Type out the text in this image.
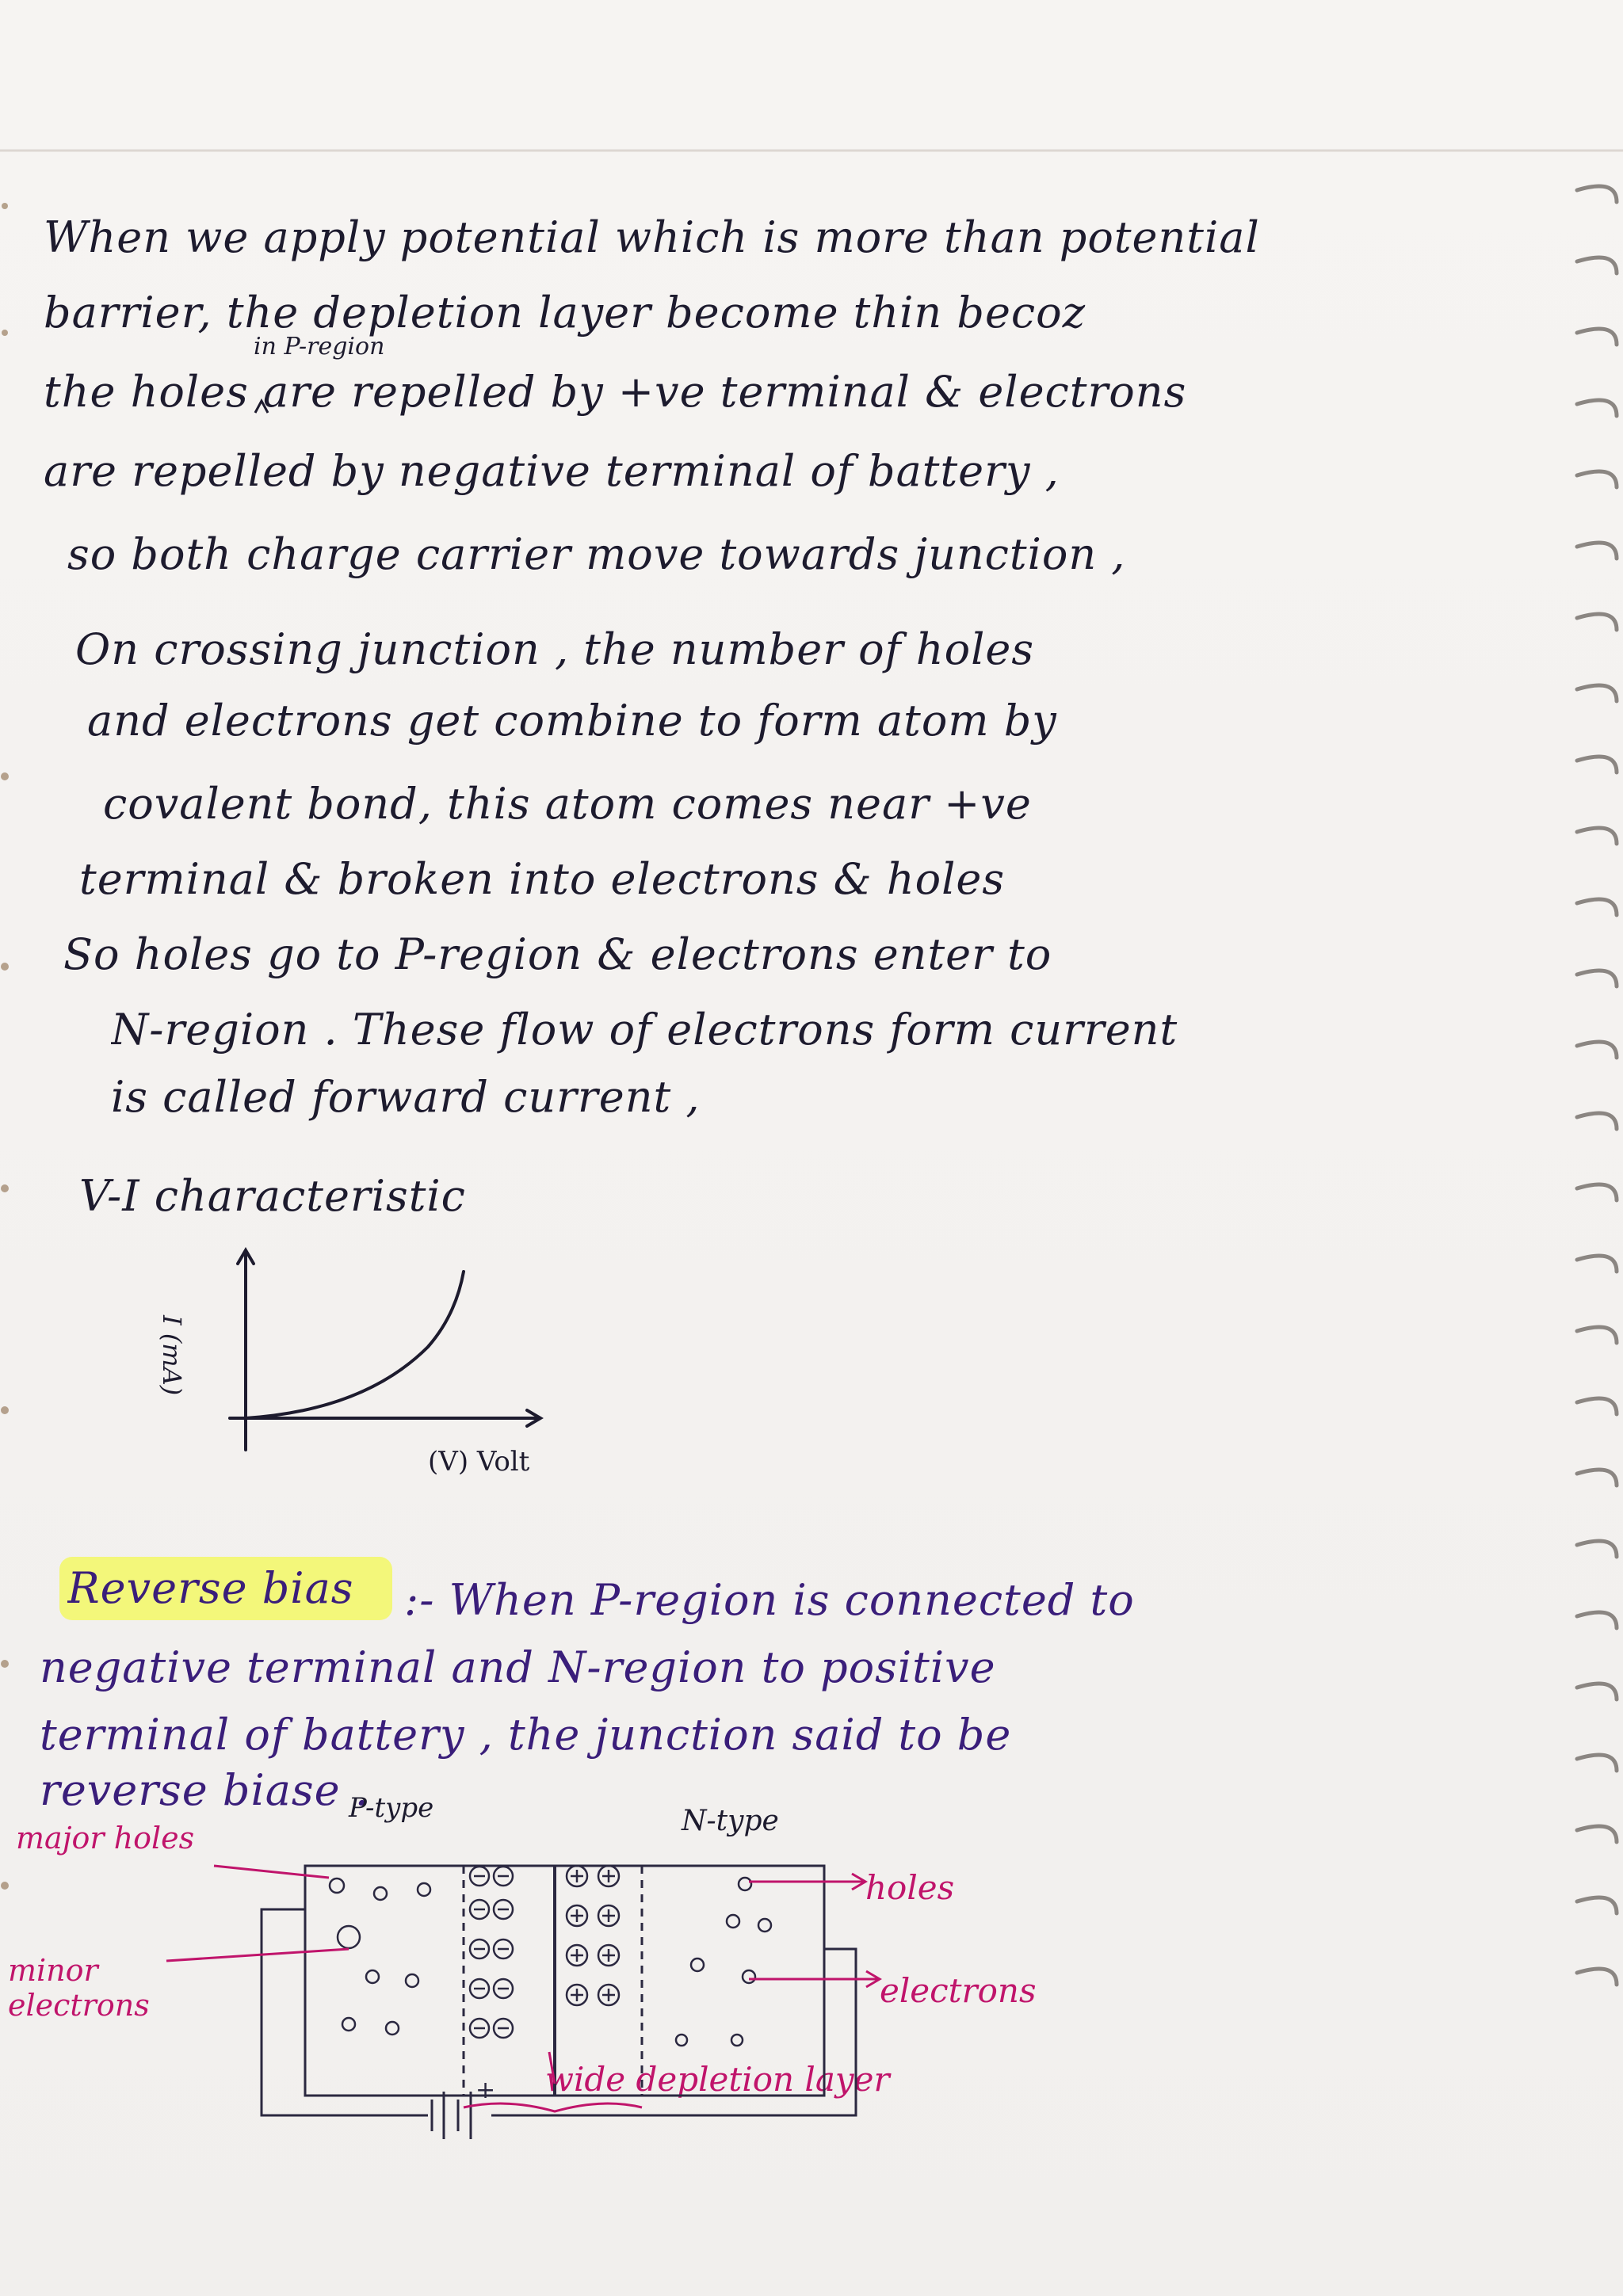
When we apply potential which is more than potential
barrier, the depletion layer become thin becoz
in P-region
the holes are repelled by +ve terminal & electrons
are repelled by negative terminal of battery ,
so both charge carrier move towards junction ,
On crossing junction , the number of holes
and electrons get combine to form atom by
covalent bond, this atom comes near +ve
terminal & broken into electrons & holes
So holes go to P-region & electrons enter to
N-region . These flow of electrons form current
is called forward current ,
V-I characteristic
I (mA)
(V) Volt
Reverse bias	:- When P-region is connected to
negative terminal and N-region to positive
terminal of battery , the junction said to be
reverse biase .
P-type	N-type
major holes
minor electrons
holes
electrons
wide depletion layer
+
